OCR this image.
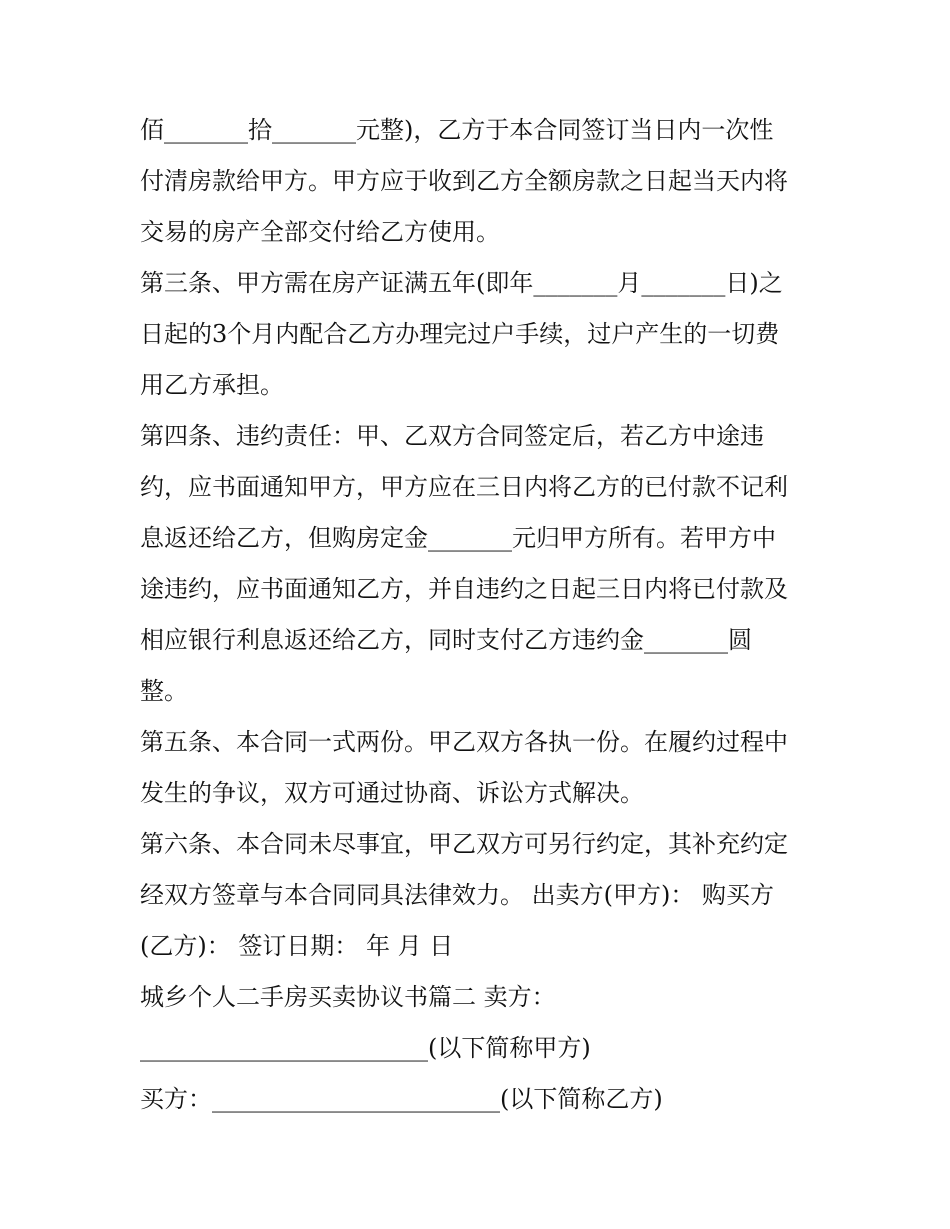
佰_______拾_______元整)，乙方于本合同签订当日内一次性
付清房款给甲方。甲方应于收到乙方全额房款之日起当天内将
交易的房产全部交付给乙方使用。
第三条、甲方需在房产证满五年(即年_______月_______日)之
日起的3个月内配合乙方办理完过户手续，过户产生的一切费
用乙方承担。
第四条、违约责任：甲、乙双方合同签定后，若乙方中途违
约，应书面通知甲方，甲方应在三日内将乙方的已付款不记利
息返还给乙方，但购房定金_______元归甲方所有。若甲方中
途违约，应书面通知乙方，并自违约之日起三日内将已付款及
相应银行利息返还给乙方，同时支付乙方违约金_______圆
整。
第五条、本合同一式两份。甲乙双方各执一份。在履约过程中
发生的争议，双方可通过协商、诉讼方式解决。
第六条、本合同未尽事宜，甲乙双方可另行约定，其补充约定
经双方签章与本合同同具法律效力。 出卖方(甲方)： 购买方
(乙方)： 签订日期： 年 月 日
城乡个人二手房买卖协议书篇二 卖方：
________________________(以下简称甲方)
买方：________________________(以下简称乙方)
